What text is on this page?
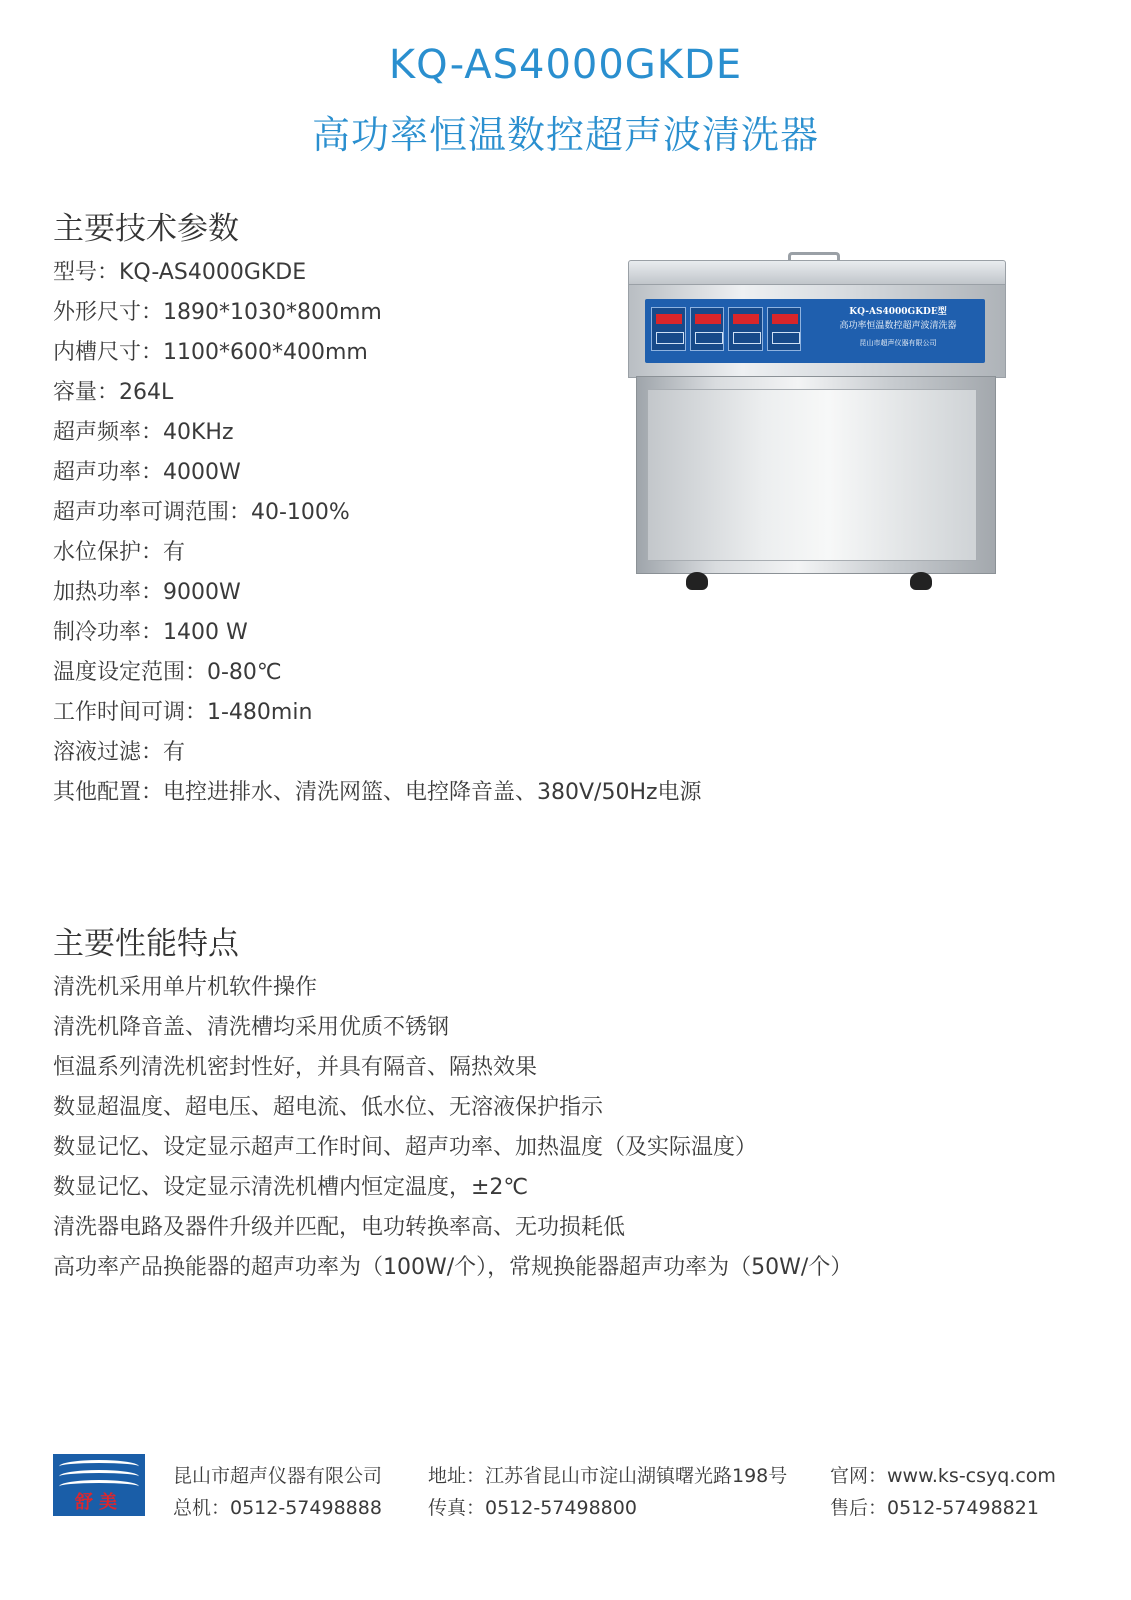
KQ-AS4000GKDE
高功率恒温数控超声波清洗器
主要技术参数
型号：KQ-AS4000GKDE
外形尺寸：1890*1030*800mm
内槽尺寸：1100*600*400mm
容量：264L
超声频率：40KHz
超声功率：4000W
超声功率可调范围：40-100%
水位保护：有
加热功率：9000W
制冷功率：1400 W
温度设定范围：0-80℃
工作时间可调：1-480min
溶液过滤：有
其他配置：电控进排水、清洗网篮、电控降音盖、380V/50Hz电源
KQ-AS4000GKDE型
高功率恒温数控超声波清洗器
昆山市超声仪器有限公司
主要性能特点
清洗机采用单片机软件操作
清洗机降音盖、清洗槽均采用优质不锈钢
恒温系列清洗机密封性好，并具有隔音、隔热效果
数显超温度、超电压、超电流、低水位、无溶液保护指示
数显记忆、设定显示超声工作时间、超声功率、加热温度（及实际温度）
数显记忆、设定显示清洗机槽内恒定温度，±2℃
清洗器电路及器件升级并匹配，电功转换率高、无功损耗低
高功率产品换能器的超声功率为（100W/个），常规换能器超声功率为（50W/个）
舒美
昆山市超声仪器有限公司
总机：0512-57498888
地址：江苏省昆山市淀山湖镇曙光路198号
传真：0512-57498800
官网：www.ks-csyq.com
售后：0512-57498821
